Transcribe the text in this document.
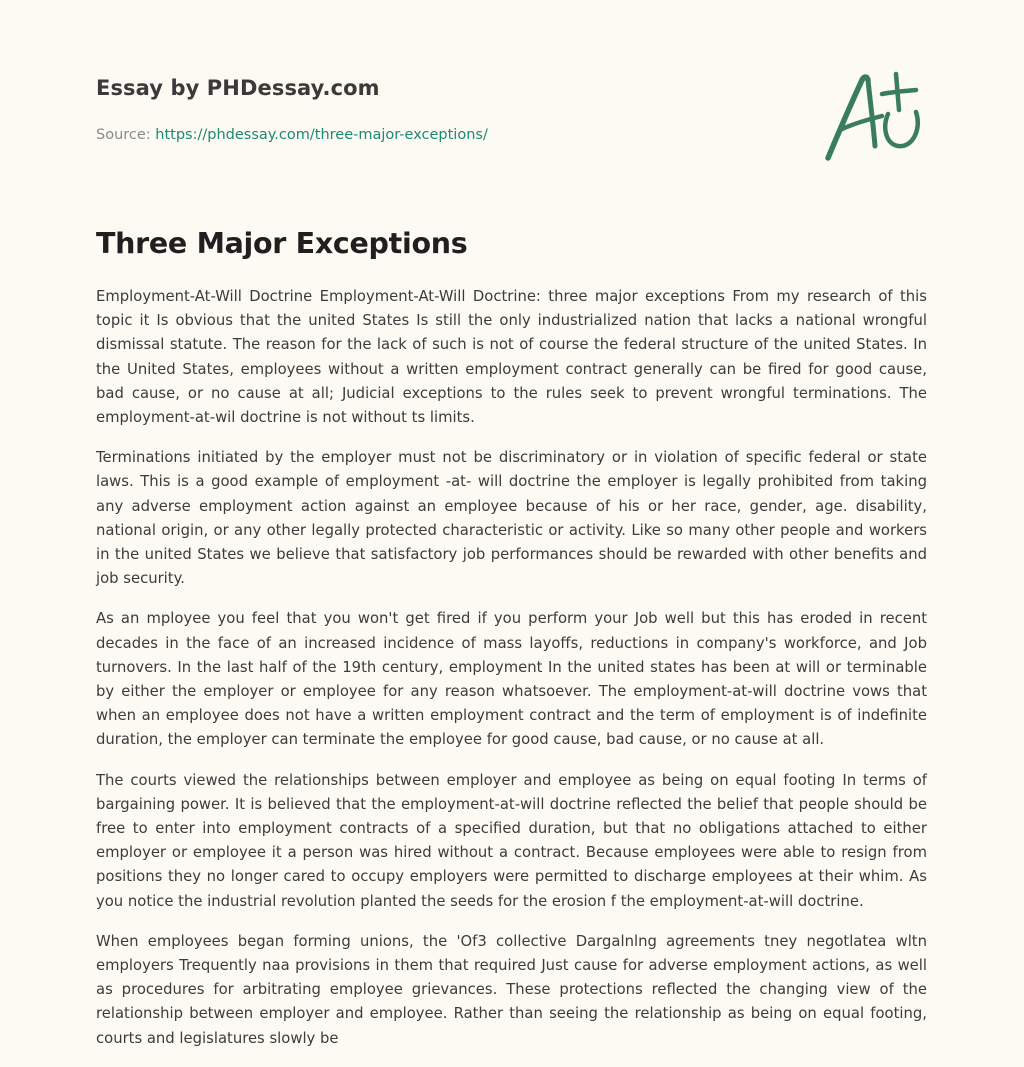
Essay by PHDessay.com
Source: https://phdessay.com/three-major-exceptions/
Three Major Exceptions

Employment-At-Will Doctrine Employment-At-Will Doctrine: three major exceptions From my research of this topic it Is obvious that the united States Is still the only industrialized nation that lacks a national wrongful dismissal statute. The reason for the lack of such is not of course the federal structure of the united States. In the United States, employees without a written employment contract generally can be fired for good cause, bad cause, or no cause at all; Judicial exceptions to the rules seek to prevent wrongful terminations. The employment-at-wil doctrine is not without ts limits.

Terminations initiated by the employer must not be discriminatory or in violation of specific federal or state laws. This is a good example of employment -at- will doctrine the employer is legally prohibited from taking any adverse employment action against an employee because of his or her race, gender, age. disability, national origin, or any other legally protected characteristic or activity. Like so many other people and workers in the united States we believe that satisfactory job performances should be rewarded with other benefits and job security.

As an mployee you feel that you won't get fired if you perform your Job well but this has eroded in recent decades in the face of an increased incidence of mass layoffs, reductions in company's workforce, and Job turnovers. In the last half of the 19th century, employment In the united states has been at will or terminable by either the employer or employee for any reason whatsoever. The employment-at-will doctrine vows that when an employee does not have a written employment contract and the term of employment is of indefinite duration, the employer can terminate the employee for good cause, bad cause, or no cause at all.

The courts viewed the relationships between employer and employee as being on equal footing In terms of bargaining power. It is believed that the employment-at-will doctrine reflected the belief that people should be free to enter into employment contracts of a specified duration, but that no obligations attached to either employer or employee it a person was hired without a contract. Because employees were able to resign from positions they no longer cared to occupy employers were permitted to discharge employees at their whim. As you notice the industrial revolution planted the seeds for the erosion f the employment-at-will doctrine.

When employees began forming unions, the 'Of3 collective Dargalnlng agreements tney negotlatea wltn employers Trequently naa provisions in them that required Just cause for adverse employment actions, as well as procedures for arbitrating employee grievances. These protections reflected the changing view of the relationship between employer and employee. Rather than seeing the relationship as being on equal footing, courts and legislatures slowly be
